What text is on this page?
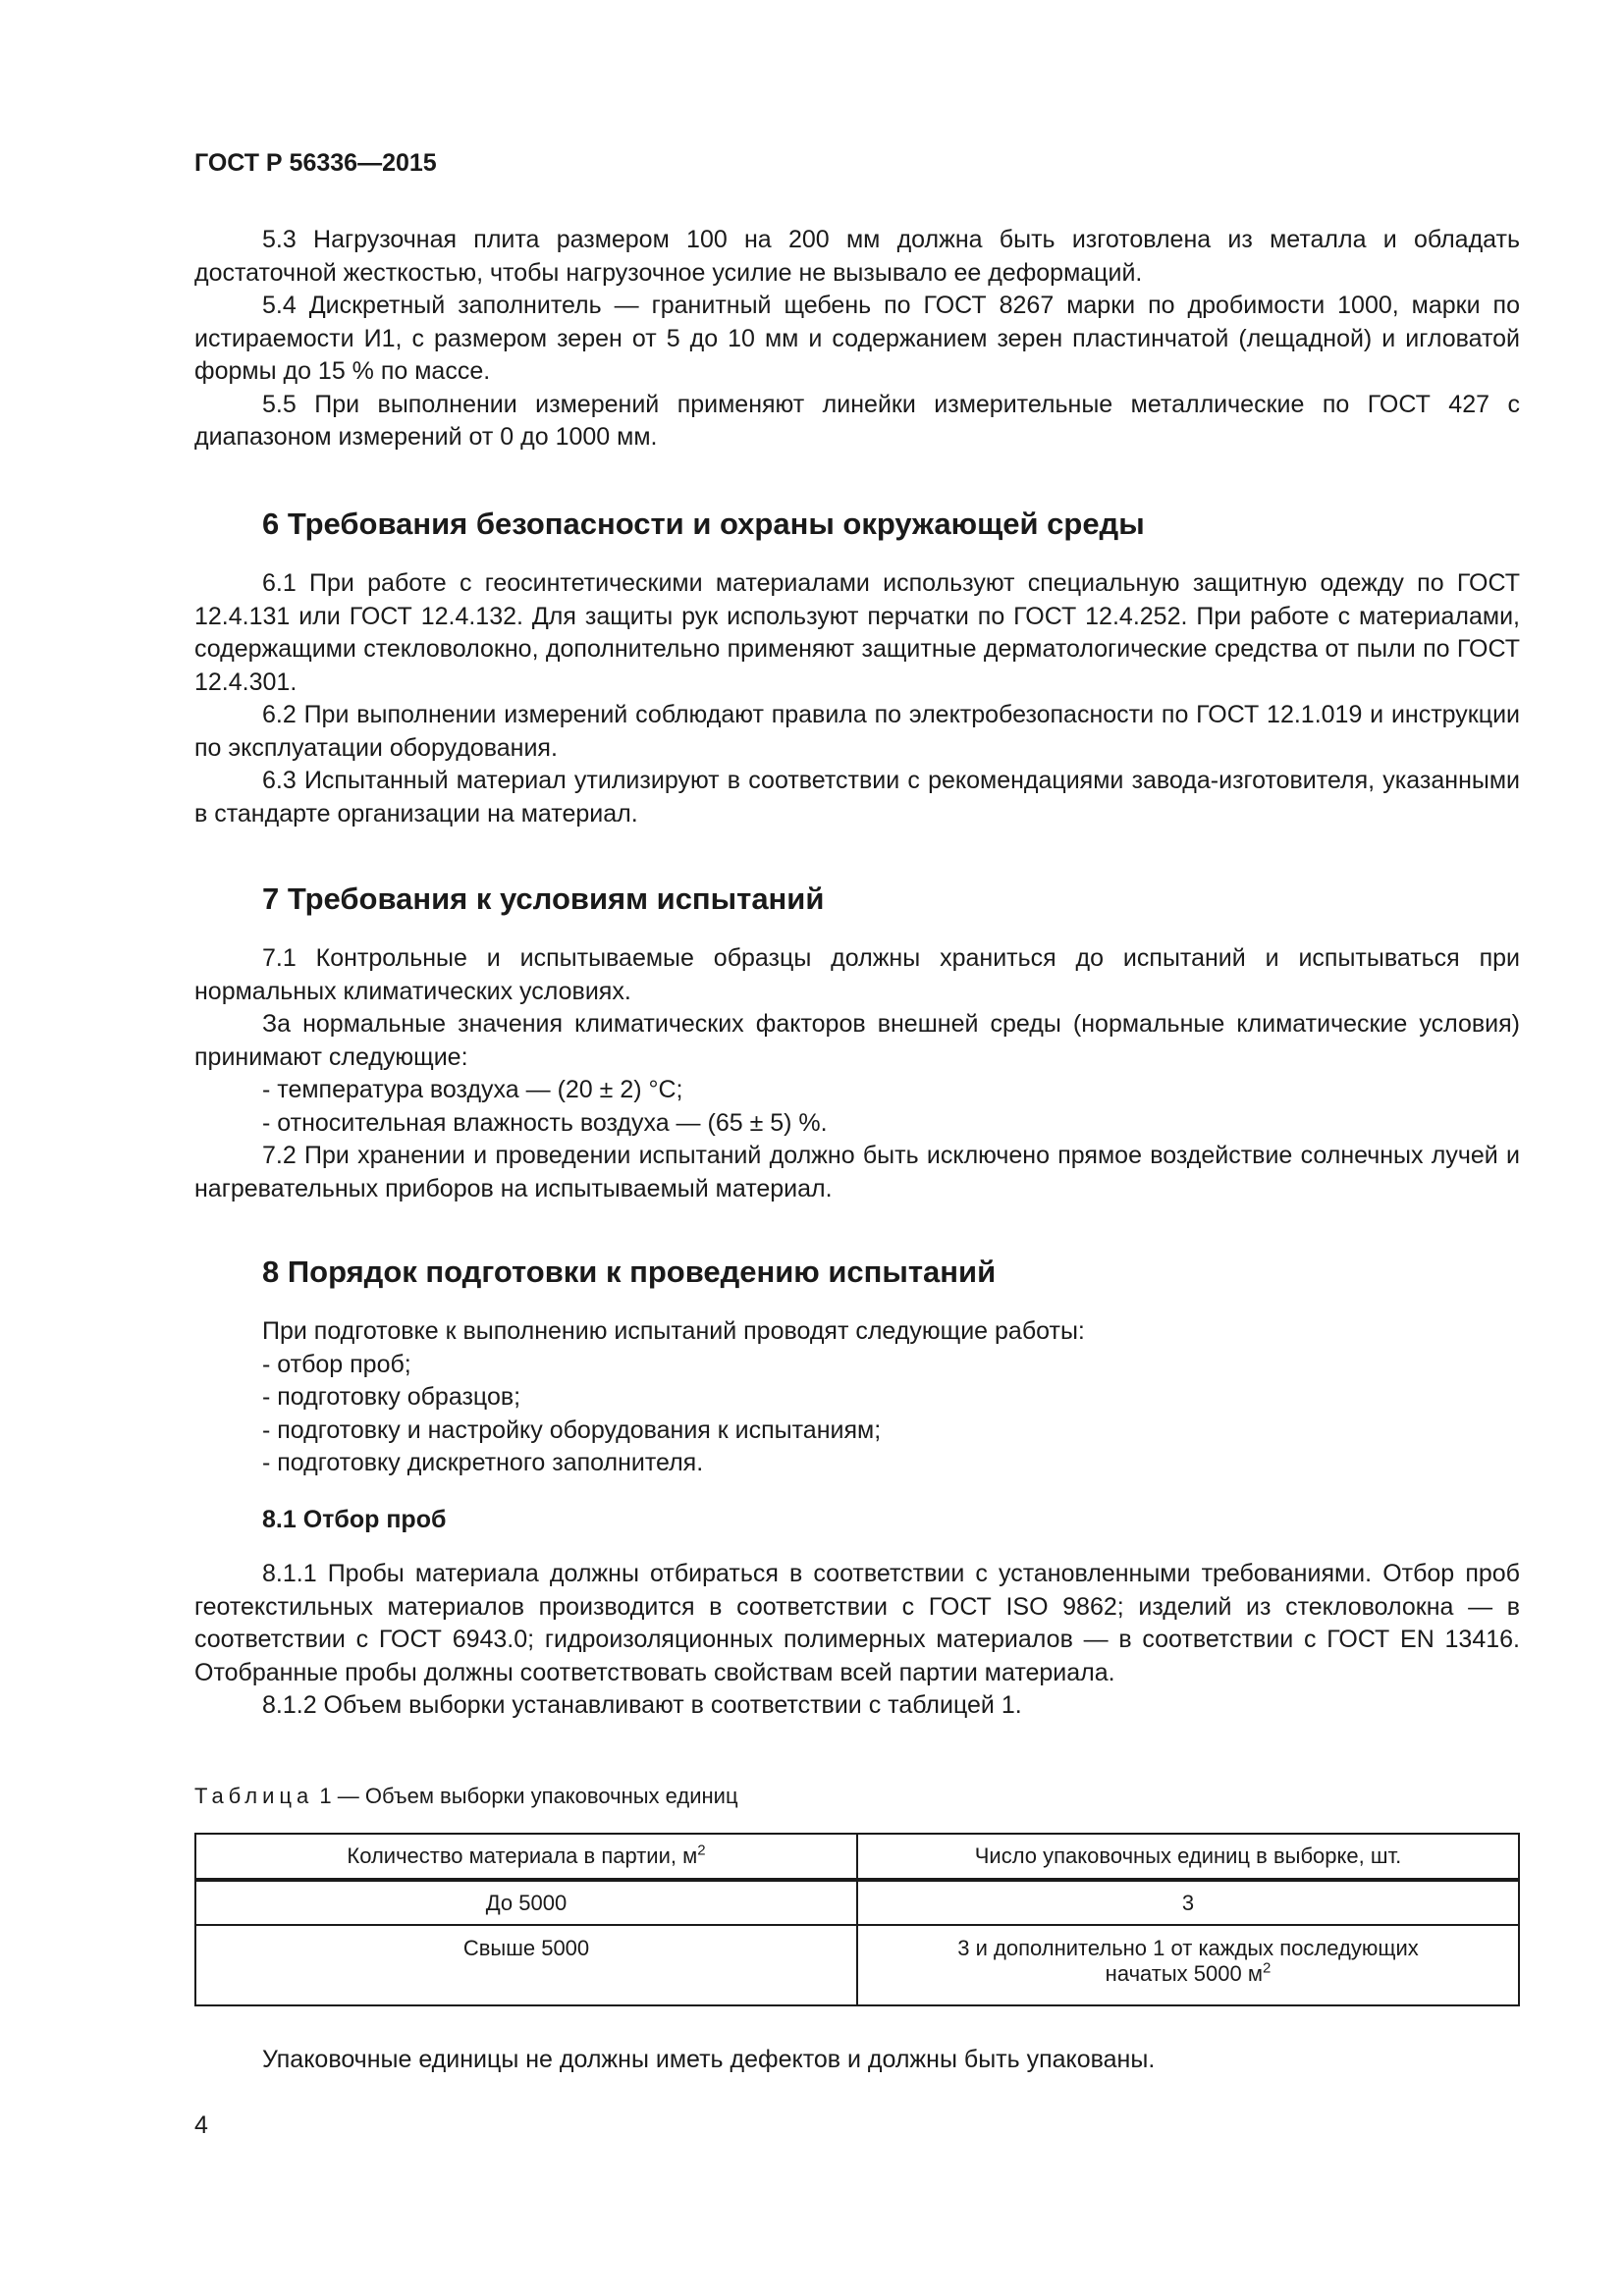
ГОСТ Р 56336—2015

5.3 Нагрузочная плита размером 100 на 200 мм должна быть изготовлена из металла и обладать достаточной жесткостью, чтобы нагрузочное усилие не вызывало ее деформаций.

5.4 Дискретный заполнитель — гранитный щебень по ГОСТ 8267 марки по дробимости 1000, марки по истираемости И1, с размером зерен от 5 до 10 мм и содержанием зерен пластинчатой (лещадной) и игловатой формы до 15 % по массе.

5.5 При выполнении измерений применяют линейки измерительные металлические по ГОСТ 427 с диапазоном измерений от 0 до 1000 мм.

6 Требования безопасности и охраны окружающей среды

6.1 При работе с геосинтетическими материалами используют специальную защитную одежду по ГОСТ 12.4.131 или ГОСТ 12.4.132. Для защиты рук используют перчатки по ГОСТ 12.4.252. При работе с материалами, содержащими стекловолокно, дополнительно применяют защитные дерматологические средства от пыли по ГОСТ 12.4.301.

6.2 При выполнении измерений соблюдают правила по электробезопасности по ГОСТ 12.1.019 и инструкции по эксплуатации оборудования.

6.3 Испытанный материал утилизируют в соответствии с рекомендациями завода-изготовителя, указанными в стандарте организации на материал.

7 Требования к условиям испытаний

7.1 Контрольные и испытываемые образцы должны храниться до испытаний и испытываться при нормальных климатических условиях.

За нормальные значения климатических факторов внешней среды (нормальные климатические условия) принимают следующие:

- температура воздуха — (20 ± 2) °С;

- относительная влажность воздуха — (65 ± 5) %.

7.2 При хранении и проведении испытаний должно быть исключено прямое воздействие солнечных лучей и нагревательных приборов на испытываемый материал.

8 Порядок подготовки к проведению испытаний

При подготовке к выполнению испытаний проводят следующие работы:

- отбор проб;

- подготовку образцов;

- подготовку и настройку оборудования к испытаниям;

- подготовку дискретного заполнителя.

8.1 Отбор проб

8.1.1 Пробы материала должны отбираться в соответствии с установленными требованиями. Отбор проб геотекстильных материалов производится в соответствии с ГОСТ ISO 9862; изделий из стекловолокна — в соответствии с ГОСТ 6943.0; гидроизоляционных полимерных материалов — в соответствии с ГОСТ EN 13416. Отобранные пробы должны соответствовать свойствам всей партии материала.

8.1.2 Объем выборки устанавливают в соответствии с таблицей 1.

Таблица 1 — Объем выборки упаковочных единиц
Количество материала в партии, $м^2$	Число упаковочных единиц в выборке, шт.
До 5000	3
Свыше 5000	3 и дополнительно 1 от каждых последующих
начатых 5000 $м^2$

Упаковочные единицы не должны иметь дефектов и должны быть упакованы.

4
